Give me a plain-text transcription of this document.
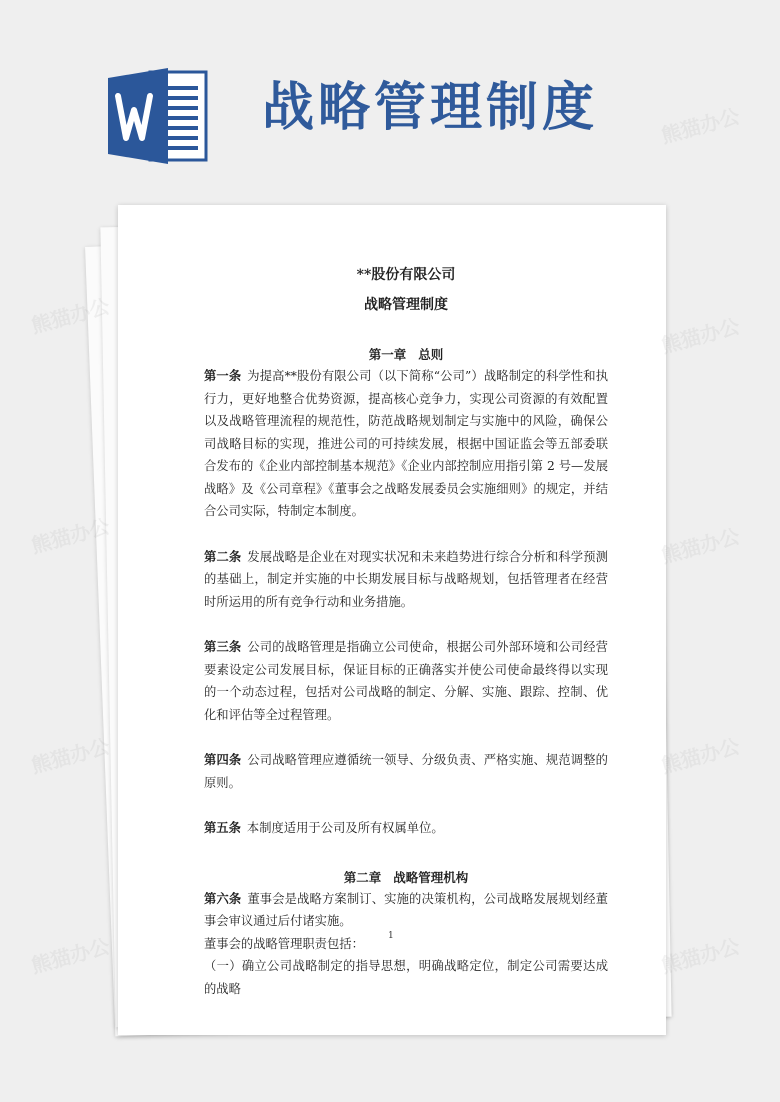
战略管理制度
**股份有限公司
战略管理制度
第一章 总则

第一条 为提高**股份有限公司（以下简称“公司”）战略制定的科学性和执行力，更好地整合优势资源，提高核心竞争力，实现公司资源的有效配置以及战略管理流程的规范性，防范战略规划制定与实施中的风险，确保公司战略目标的实现，推进公司的可持续发展，根据中国证监会等五部委联合发布的《企业内部控制基本规范》《企业内部控制应用指引第 2 号—发展战略》及《公司章程》《董事会之战略发展委员会实施细则》的规定，并结合公司实际，特制定本制度。

第二条 发展战略是企业在对现实状况和未来趋势进行综合分析和科学预测的基础上，制定并实施的中长期发展目标与战略规划，包括管理者在经营时所运用的所有竞争行动和业务措施。

第三条 公司的战略管理是指确立公司使命，根据公司外部环境和公司经营要素设定公司发展目标，保证目标的正确落实并使公司使命最终得以实现的一个动态过程，包括对公司战略的制定、分解、实施、跟踪、控制、优化和评估等全过程管理。

第四条 公司战略管理应遵循统一领导、分级负责、严格实施、规范调整的原则。

第五条 本制度适用于公司及所有权属单位。

第二章 战略管理机构

第六条 董事会是战略方案制订、实施的决策机构，公司战略发展规划经董事会审议通过后付诸实施。

董事会的战略管理职责包括：

（一）确立公司战略制定的指导思想，明确战略定位，制定公司需要达成的战略

1
熊猫办公
熊猫办公
熊猫办公
熊猫办公	熊猫办公
熊猫办公	熊猫办公
熊猫办公	熊猫办公
